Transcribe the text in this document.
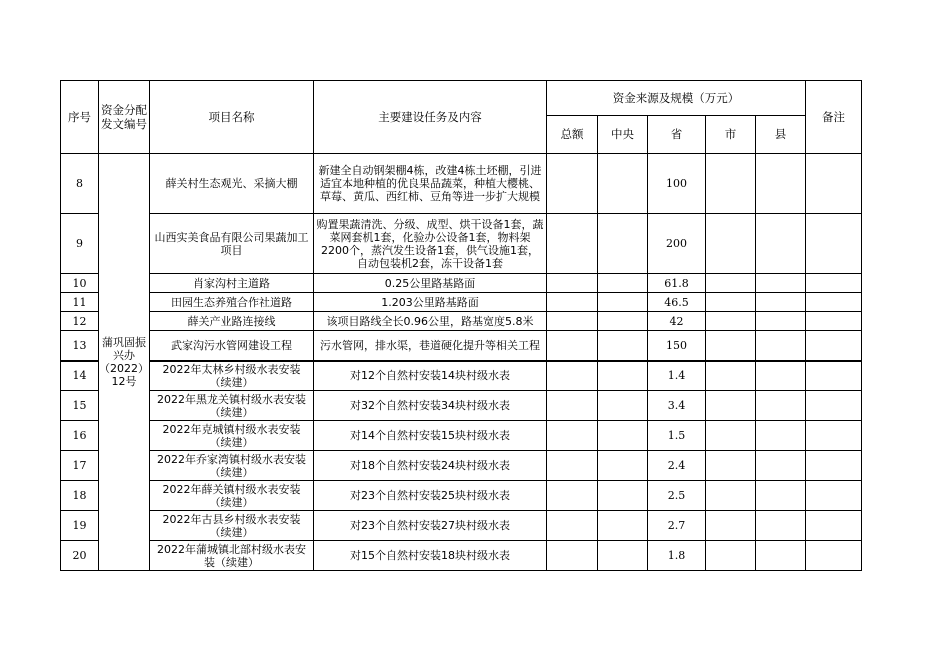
序号	资金分配发文编号	项目名称	主要建设任务及内容	资金来源及规模（万元）					备注
				总额	中央	省	市	县	
8	蒲巩固振兴办（2022）12号	薛关村生态观光、采摘大棚	新建全自动钢架棚4栋，改建4栋土坯棚，引进适宜本地种植的优良果品蔬菜，种植大樱桃、草莓、黄瓜、西红柿、豆角等进一步扩大规模			100			
9		山西实美食品有限公司果蔬加工项目	购置果蔬清洗、分级、成型、烘干设备1套，蔬菜网套机1套，化验办公设备1套，物料架2200个，蒸汽发生设备1套，供气设施1套，自动包装机2套，冻干设备1套			200			
10		肖家沟村主道路	0.25公里路基路面			61.8			
11		田园生态养殖合作社道路	1.203公里路基路面			46.5			
12		薛关产业路连接线	该项目路线全长0.96公里，路基宽度5.8米			42			
13		武家沟污水管网建设工程	污水管网，排水渠，巷道硬化提升等相关工程			150			
14		2022年太林乡村级水表安装（续建）	对12个自然村安装14块村级水表			1.4			
15		2022年黑龙关镇村级水表安装（续建）	对32个自然村安装34块村级水表			3.4			
16		2022年克城镇村级水表安装（续建）	对14个自然村安装15块村级水表			1.5			
17		2022年乔家湾镇村级水表安装（续建）	对18个自然村安装24块村级水表			2.4			
18		2022年薛关镇村级水表安装（续建）	对23个自然村安装25块村级水表			2.5			
19		2022年古县乡村级水表安装（续建）	对23个自然村安装27块村级水表			2.7			
20		2022年蒲城镇北部村级水表安装（续建）	对15个自然村安装18块村级水表			1.8			
